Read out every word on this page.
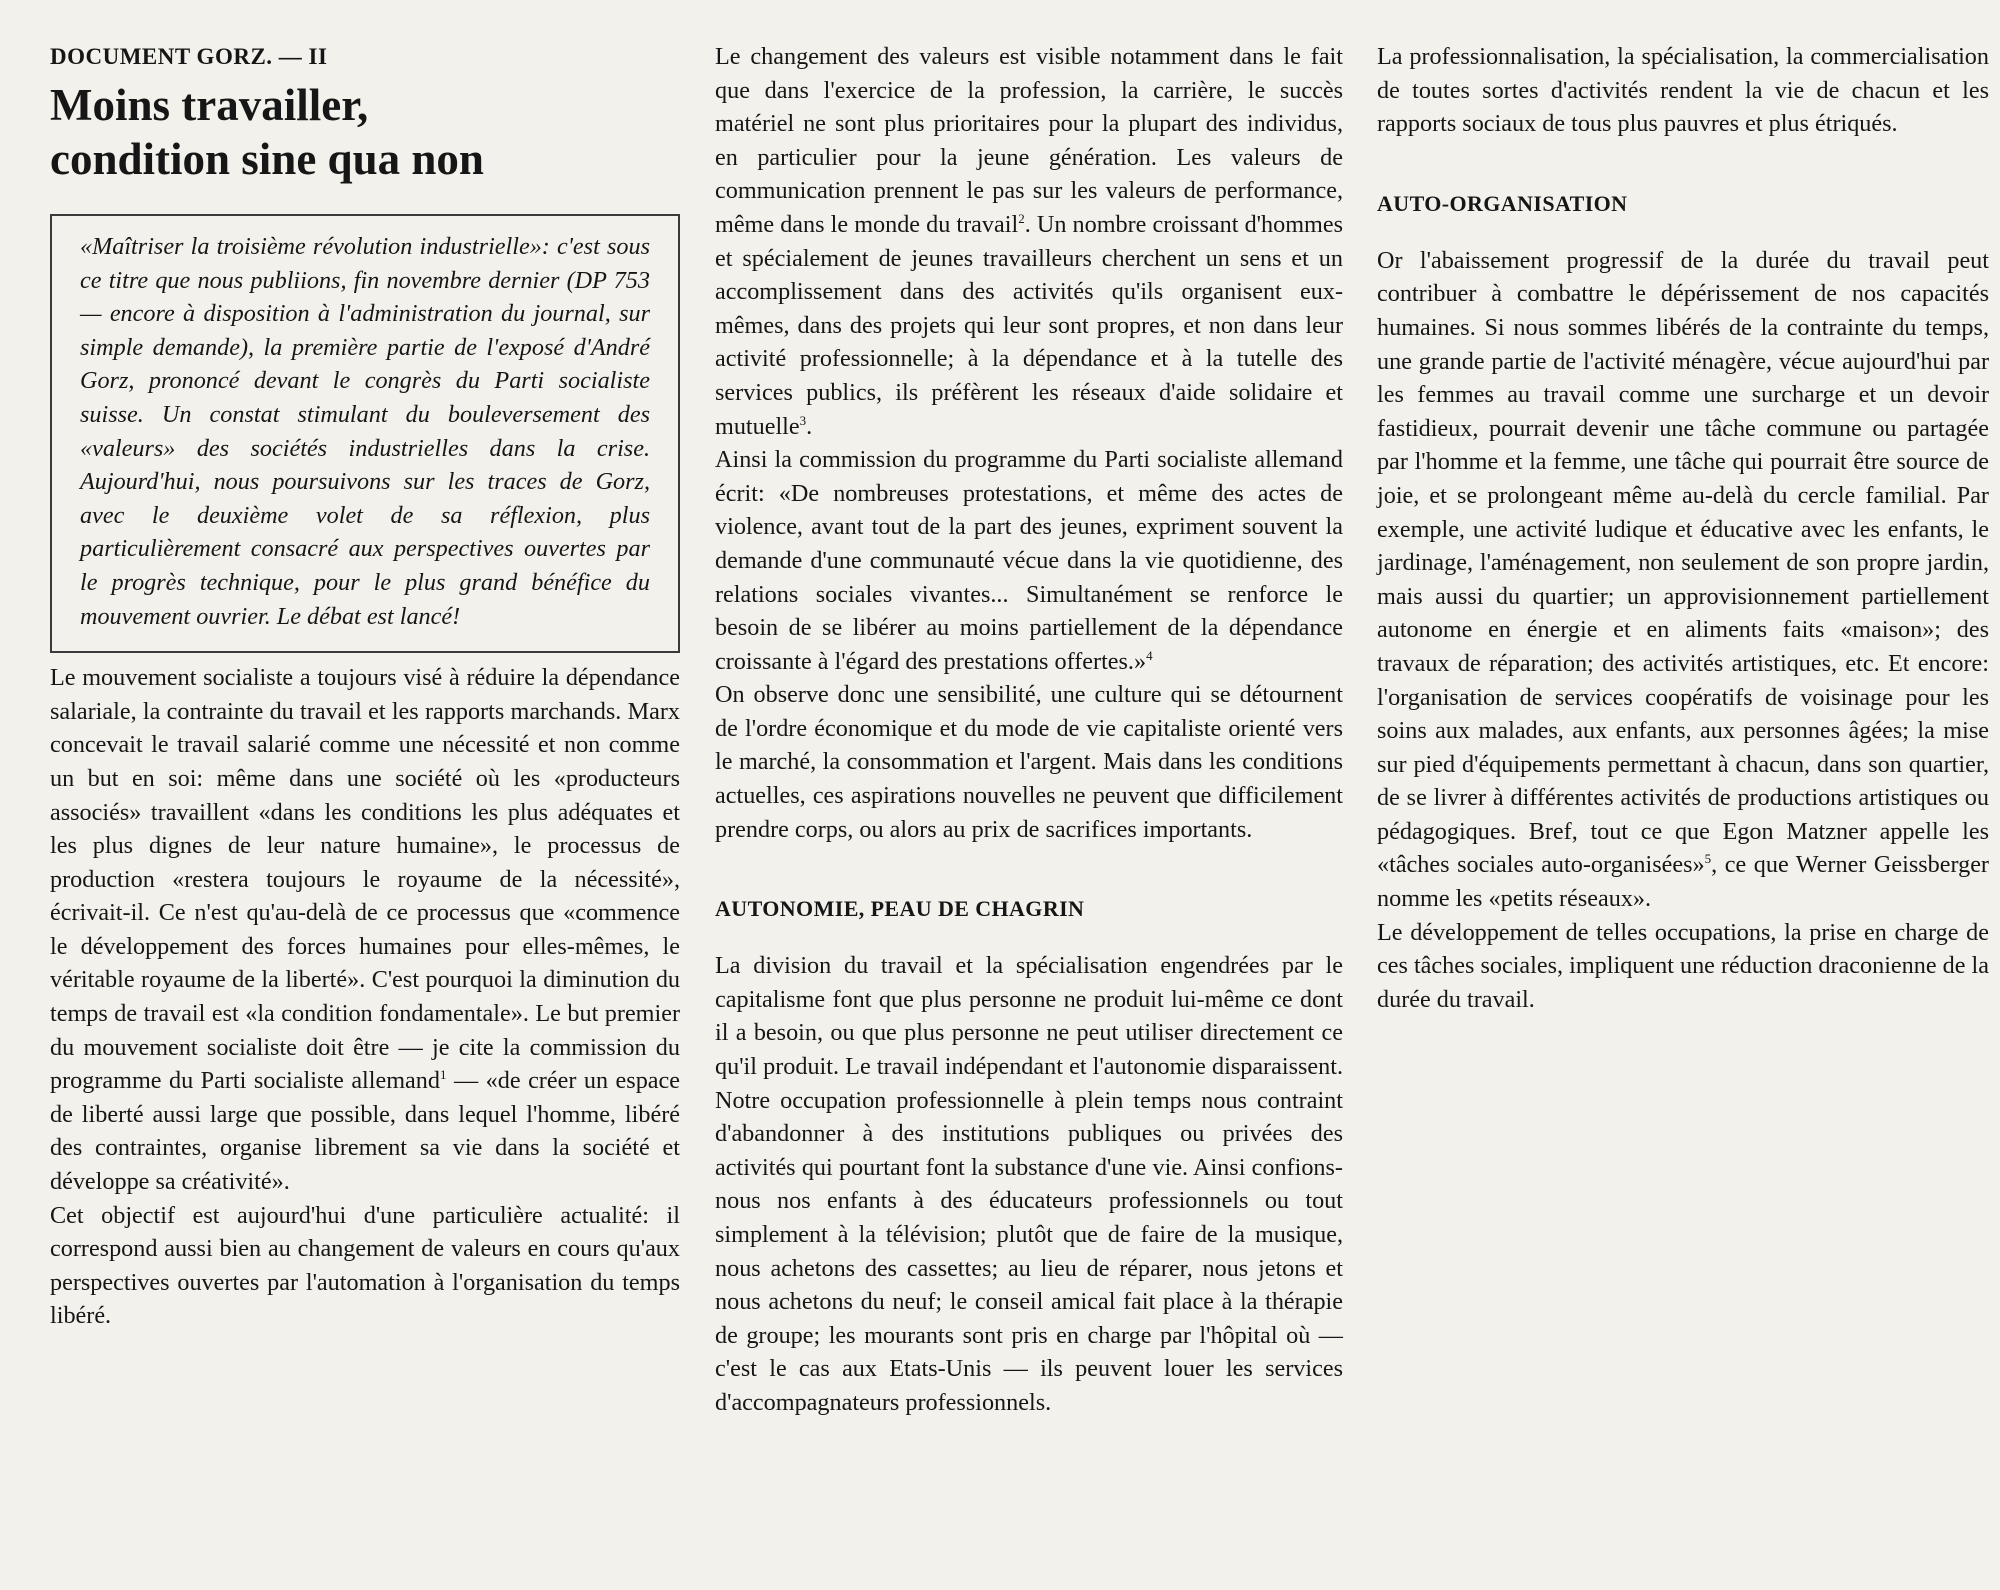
DOCUMENT GORZ. — II
Moins travailler,
condition sine qua non
«Maîtriser la troisième révolution industrielle»: c'est sous ce titre que nous publiions, fin novembre dernier (DP 753 — encore à disposition à l'administration du journal, sur simple demande), la première partie de l'exposé d'André Gorz, prononcé devant le congrès du Parti socialiste suisse. Un constat stimulant du bouleversement des «valeurs» des sociétés industrielles dans la crise. Aujourd'hui, nous poursuivons sur les traces de Gorz, avec le deuxième volet de sa réflexion, plus particulièrement consacré aux perspectives ouvertes par le progrès technique, pour le plus grand bénéfice du mouvement ouvrier. Le débat est lancé!

Le mouvement socialiste a toujours visé à réduire la dépendance salariale, la contrainte du travail et les rapports marchands. Marx concevait le travail salarié comme une nécessité et non comme un but en soi: même dans une société où les «producteurs associés» travaillent «dans les conditions les plus adéquates et les plus dignes de leur nature humaine», le processus de production «restera toujours le royaume de la nécessité», écrivait-il. Ce n'est qu'au-delà de ce processus que «commence le développement des forces humaines pour elles-mêmes, le véritable royaume de la liberté». C'est pourquoi la diminution du temps de travail est «la condition fondamentale». Le but premier du mouvement socialiste doit être — je cite la commission du programme du Parti socialiste allemand$^1$ — «de créer un espace de liberté aussi large que possible, dans lequel l'homme, libéré des contraintes, organise librement sa vie dans la société et développe sa créativité».

Cet objectif est aujourd'hui d'une particulière actualité: il correspond aussi bien au changement de valeurs en cours qu'aux perspectives ouvertes par l'automation à l'organisation du temps libéré.

Le changement des valeurs est visible notamment dans le fait que dans l'exercice de la profession, la carrière, le succès matériel ne sont plus prioritaires pour la plupart des individus, en particulier pour la jeune génération. Les valeurs de communication prennent le pas sur les valeurs de performance, même dans le monde du travail$^2$. Un nombre croissant d'hommes et spécialement de jeunes travailleurs cherchent un sens et un accomplissement dans des activités qu'ils organisent eux-mêmes, dans des projets qui leur sont propres, et non dans leur activité professionnelle; à la dépendance et à la tutelle des services publics, ils préfèrent les réseaux d'aide solidaire et mutuelle$^3$.

Ainsi la commission du programme du Parti socialiste allemand écrit: «De nombreuses protestations, et même des actes de violence, avant tout de la part des jeunes, expriment souvent la demande d'une communauté vécue dans la vie quotidienne, des relations sociales vivantes... Simultanément se renforce le besoin de se libérer au moins partiellement de la dépendance croissante à l'égard des prestations offertes.»$^4$

On observe donc une sensibilité, une culture qui se détournent de l'ordre économique et du mode de vie capitaliste orienté vers le marché, la consommation et l'argent. Mais dans les conditions actuelles, ces aspirations nouvelles ne peuvent que difficilement prendre corps, ou alors au prix de sacrifices importants.

AUTONOMIE, PEAU DE CHAGRIN

La division du travail et la spécialisation engendrées par le capitalisme font que plus personne ne produit lui-même ce dont il a besoin, ou que plus personne ne peut utiliser directement ce qu'il produit. Le travail indépendant et l'autonomie disparaissent. Notre occupation professionnelle à plein temps nous contraint d'abandonner à des institutions publiques ou privées des activités qui pourtant font la substance d'une vie. Ainsi confions-nous nos enfants à des éducateurs professionnels ou tout simplement à la télévision; plutôt que de faire de la musique, nous achetons des cassettes; au lieu de réparer, nous jetons et nous achetons du neuf; le conseil amical fait place à la thérapie de groupe; les mourants sont pris en charge par l'hôpital où — c'est le cas aux Etats-Unis — ils peuvent louer les services d'accompagnateurs professionnels.

La professionnalisation, la spécialisation, la commercialisation de toutes sortes d'activités rendent la vie de chacun et les rapports sociaux de tous plus pauvres et plus étriqués.

AUTO-ORGANISATION

Or l'abaissement progressif de la durée du travail peut contribuer à combattre le dépérissement de nos capacités humaines. Si nous sommes libérés de la contrainte du temps, une grande partie de l'activité ménagère, vécue aujourd'hui par les femmes au travail comme une surcharge et un devoir fastidieux, pourrait devenir une tâche commune ou partagée par l'homme et la femme, une tâche qui pourrait être source de joie, et se prolongeant même au-delà du cercle familial. Par exemple, une activité ludique et éducative avec les enfants, le jardinage, l'aménagement, non seulement de son propre jardin, mais aussi du quartier; un approvisionnement partiellement autonome en énergie et en aliments faits «maison»; des travaux de réparation; des activités artistiques, etc. Et encore: l'organisation de services coopératifs de voisinage pour les soins aux malades, aux enfants, aux personnes âgées; la mise sur pied d'équipements permettant à chacun, dans son quartier, de se livrer à différentes activités de productions artistiques ou pédagogiques. Bref, tout ce que Egon Matzner appelle les «tâches sociales auto-organisées»$^5$, ce que Werner Geissberger nomme les «petits réseaux».

Le développement de telles occupations, la prise en charge de ces tâches sociales, impliquent une réduction draconienne de la durée du travail.
